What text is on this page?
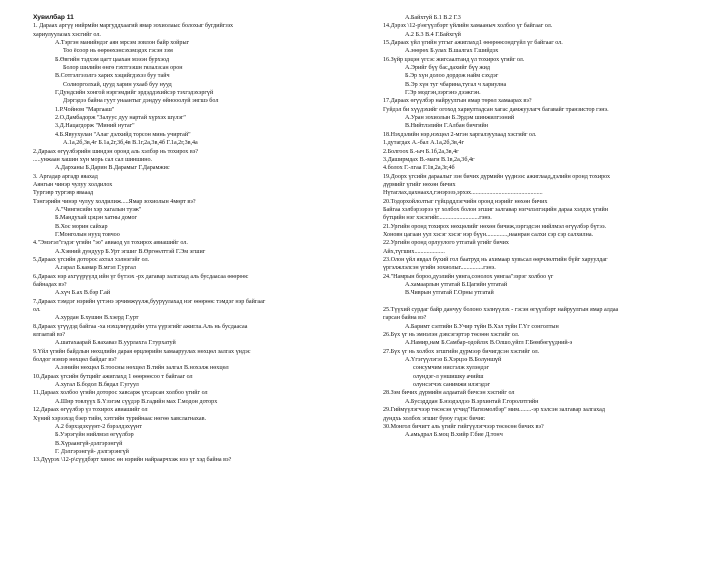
Хувилбар 11
1. Дараах аргүү нийрмйн маргуддхаагий ямар зохиолаыс болохыг бугдийгзэх
хариулуулазах хэсгийг ол.
А.Тэргэн манийндэг аян мрсэм зовлон байр хойрыг
Тоо ёсоор нь өөрөөхэнсэхэмэдэх гэсэн зэм
Б.Өвгийн тэдхэм цагт цаахан мэээн бурхэод
Болор шилийн өнгө гэхтгээшн гялалзсан орон
В.Сотгэлгэзэлгэ харих хэцийгдэхэз буу тайч
Солиорголхай, цууд харин ухааб буу нууд
Г.Дундсийн хонгой нэргэмдийг эрдэддэхийсэр тэхгэдэхэргүй
Дэргэдээ байна гуут унаантыг дэндуу өйнооолуй энгшэ бол
1.Р.Чойном "Маргааш"
2.О.Дамбадорж "Залуус дуу нартай хүрхэх шүлэг"
3.Д.Нацагдорж "Миний нутаг"
4.Б.Явуухулан "Алаг дэлхийд торсон минь учиртай"
А.1а,2б,3в,4г Б.1а,2г,3б,4в В.1г,2а,3в,4б Г.1а,2г,3в,4а
2.Дараах өгүүлбэрийн шиндэн оронд аль хэлбэр нь тохирох вэ?
.....унжаан хашин хүн морь сал сал шиншино.
А.Дарханы Б.Дарин В.Дарамыг Г.Дарамжис
3. Аргадар аргадр яяахад
Аянгын чинэр чулуу холдилох
Тургэвр тургэвр явааад
Тэнгэрийн чинэр чулуу холдилиж.....Ямар зохиолын 4мөрт вэ?
А."Чингисийн хэр хагалын туэж"
Б.Мандухай цэцэн хатны домог
В.Хос морин сайхар
Г.Монголын нууц товчоо
4."Эмэгэл"гэдэг үгийн "эо" авиаод ул тохирох авиашийг ол.
А.Хэвний дундуур Б.Урт эгшиг В.Өргөөлттэй Г.Эм эгшиг
5.Дараах үгсийн доторос ахтал хэлнэгэйг ол.
А.гарал Б.камар В.мгэл Г.ургал
6.Дараах нэр ахгүүрүүлд ийн үг бүтээх -рх дагавар залгахад аль бусдаасаа өөөрөөс
байнадах вэ?
А.хүч Б.ах В.бэр Г.ай
7.Дараах тэмдэг нэрийн үгтэнэ эрчимжүүлж,буурүулахад нэг өөөрөөс тэмдэг нэр байгааг
ол.
А.хурдан Б.хушин В.хэерд Г.урт
8.Дараах үгүүдэд байгаа -ха нэхцлнүүдийн утга үүрэгийг ажигла.Аль нь бусдаасаа
ялгаатай вэ?
А.шатахаарай Б.яахаваз В.уурлахга Г.турхатуй
9.Үйл үгийн байдлын нөхцлийн дарая өрцлөрийн хамааруулах нөхцөл залгах үндэс
болдог нэмэр нөхцөл байдаг вэ?
А.эзнийн нөхцөл Б.тоосны нөхцөл В.тийн залгал В.нохэлж нөхцөл
10.Дараах үгсийн бутцийг ажиглахд 1 өөөрөөсоо т байгааг ол
А.хугал Б.бодол В.бядал Г.угуул
11.Дараах холбоо үгийн доторос хавсарж үгсарсан холбоо үгийг ол
А.Шнр товлүүх Б.Үзэгэм сүүдэр В.гадийн мах Г.модон доторх
12.Дараах өгүүлбэр үз тохирох авиашийг ол
Хүний хэрээхэд бэер тийн, хэтгийн турийнаас нөгөө хавслагнахав.
А.2 бэрхэдэхүүнт-2 бэрэлдэхүүнт
Б.Уэрэгүйн нийлмэл өгүүлбэр
В.Хүраангүй-дэлгэрэнгүй
Г. Дэлгэрэнгүй- дэлгэрэнгүй
13.Дүүрэх \12-р\сүүдбэрт хинэс өн нэрийн найраарчхэж нээ үг хэд байна вэ?
А.Байхтуй Б.1 В.2 Г.3
14.Дэрэх \12-р\өгүүлбэрт үйлийн хамааныч холбоо үг байгааг ол.
А.2 Б.3 В.4 Г.Байхгүй
15.Дараах үйл үгийн утгыг ажиглахд1 өөөрөөсондгүйл үг байгааг ол.
А.зөөрөх Б.улах В.шалгах Г.шийдэх
16.Зүйр цэцэн үгсэс жигсаалтанд үл тохирох үгийг ол.
А.Эрийг бүү бас,дахийг бүү жид
Б.Эр хүн долоо дордож найм сэхдэг
В.Эр хүн туг чбарина,тугал ч хариулна
Г.Эр модгэн,зэргэнэ дээжгэн.
17.Дараах өгүүлбэр найруулгын ямар төрөл хамаарах вэ?
Гуйдэл би хүүдэхийг огоход хариултадсан хагас дамжуулагч багавайг транзистор гэнэ.
А.Уран зохиолын Б.Эрдэм шинжилгээний
В.Нийтлэлийн Г.Албан бичгийн
18.Нэхдэлийн нэр,нэхцөл 2-мгэн харгалзуулаад хэсгийг ол.
1.дутагдах А.-бал А.1а,2б,3в,4г
2.Болгоох Б.-ыч Б.1б,2а,3в,4г
3.Даширмдах В.-маги В.1в,2а,3б,4г
4.болох Г.-лгаа Г.1в,2а,3г,4б
19.Доорх үгсийн дараалыг зэн бичих дүрмийн үүднээс ажиглаад,дэлийн оронд тохирох
дүрмийг үгийг нөхөн бичих
Нүтаглах,цахнаахл,гэнэрэзэ,эрхэх...............................................
20.Тодорхойлолтыг гүйцэддлэгчийн оронд нэрийг нөхөн бичих
Байгаа хэлбэрээрээ үг холбох болон эгшиг залгавар нэгчлэлгэцийн дараа хэлдэх үгийн
бүтцийн нэг хэсэгийг...........................гэнэ.
21.Ургийн оронд тохирох нөхцөлийг нөхөн бичиж,зэргэдсэн нийлмэл өгүүлбэр бүтээ.
Хоновн цагаан уул хэсэг хэсэг нэр бүүн..............,наанран салхи сэр сэр салхилна.
22.Ургийн оронд орлуулого утгатай үгийг бичих
Айх,түгших....................
23.Олон үйл явдал бүхий гол баатруд нь ахимаар хувьсал өөрчлөлтийн бүйг харуулдаг
үргэлжлэлсэн үгийн зохиолыг...............гэнэ.
24."Намрын бороо,дуэлийн уянга,сонолох уянгаа"зэрэг холбоо үг
А.хамаарлын утгатай Б.Цагийн утгатай
В.Чиврын утгатай Г.Орны утгатай
25.Түүхий сурдаг байр данчуу болоно хэлнүүлэх - гэсэн өгүүлбэрт найруулгын ямар алдаа
гарсан байна вэ?
А.Баримт сэлтийн Б.Учир түйн В.Хэл түйн Г.Үг сонголтын
26.Бүх үг нь эмнэлэн дэвсэгэртэр төсөөн хэсгийг ол.
А.Намир,нам Б.Самбар-одойлэх В.Олшо,уйгл Г.Бөмбөгүүдний-э
27.Бүх үг нь холбох эгшгийн дүрмээр бичигдсэн хэсгийг ол.
А.Үгэгүүлэгэз Б.Хэрцээ В.Болуншүй
сонсумчим нисгэлж хулэндэг
олундэг-л уншишку ачийш
олунсэгчэх санимжи илэгэдэг
28.Зэм бичих дүрмийн алдаатай бичсэн хэсгийг ол
А.Бусэдддан Б.нээдэлдээ В.эрхинтай Г.горолзтгийн
29.Гиймүүлэгчээр төсөсэн үгчид"Нагвэмолбэр" мим........-эр хэлсэн залгавар залгахад
дундхь холбох эгшиг буюу гэдэс бичиг.
30.Монгол бичигт аль үгийг гийгүүлэгчээр төсөсөн бичих вэ?
А.амьдрал Б.моц В.хийр Г.бие Д.тонч
